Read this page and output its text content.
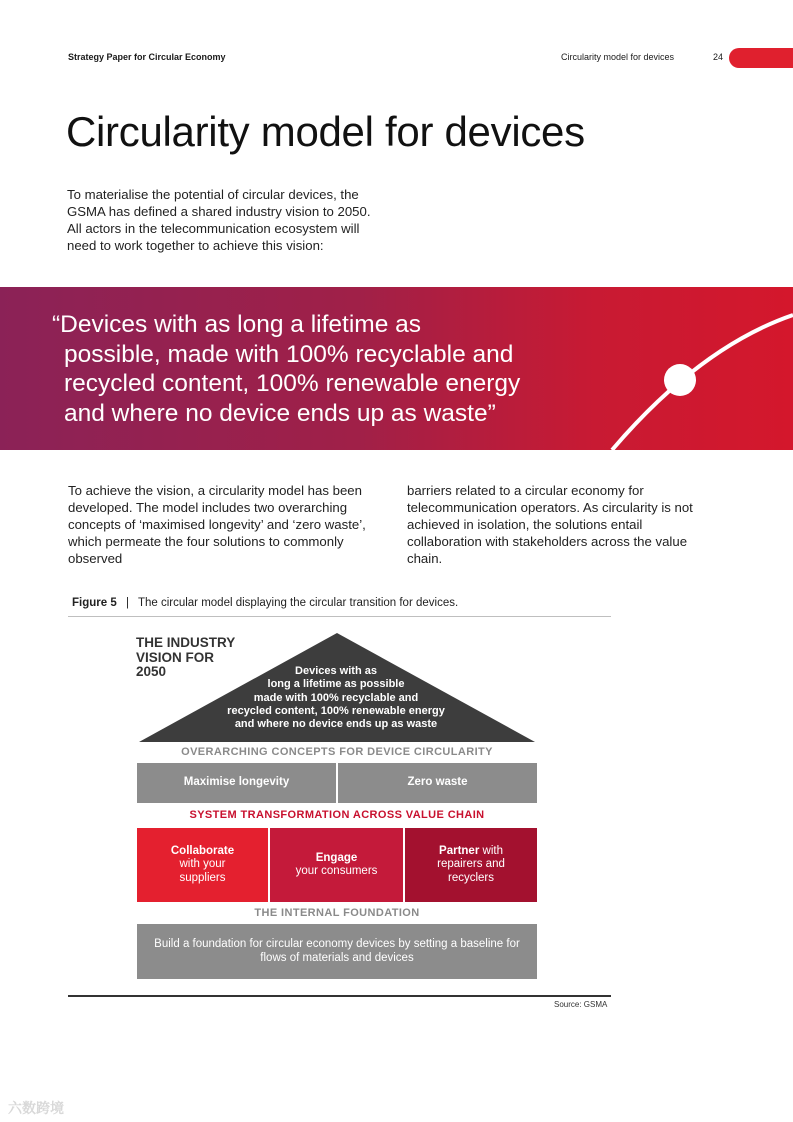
Strategy Paper for Circular Economy	Circularity model for devices	24
Circularity model for devices

To materialise the potential of circular devices, the GSMA has defined a shared industry vision to 2050. All actors in the telecommunication ecosystem will need to work together to achieve this vision:

“Devices with as long a lifetime as
possible, made with 100% recyclable and
recycled content, 100% renewable energy
and where no device ends up as waste”

To achieve the vision, a circularity model has been developed. The model includes two overarching concepts of ‘maximised longevity’ and ‘zero waste’, which permeate the four solutions to commonly observed

barriers related to a circular economy for telecommunication operators. As circularity is not achieved in isolation, the solutions entail collaboration with stakeholders across the value chain.

Figure 5 | The circular model displaying the circular transition for devices.
THE INDUSTRY
VISION FOR
2050	Devices with as
long a lifetime as possible
made with 100% recyclable and
recycled content, 100% renewable energy
and where no device ends up as waste
OVERARCHING CONCEPTS FOR DEVICE CIRCULARITY
Maximise longevity	Zero waste
SYSTEM TRANSFORMATION ACROSS VALUE CHAIN
Collaborate
with your
suppliers
Engage
your consumers
Partner with
repairers and
recyclers
THE INTERNAL FOUNDATION
Build a foundation for circular economy devices by setting a baseline for flows of materials and devices
Source: GSMA
六数跨境
